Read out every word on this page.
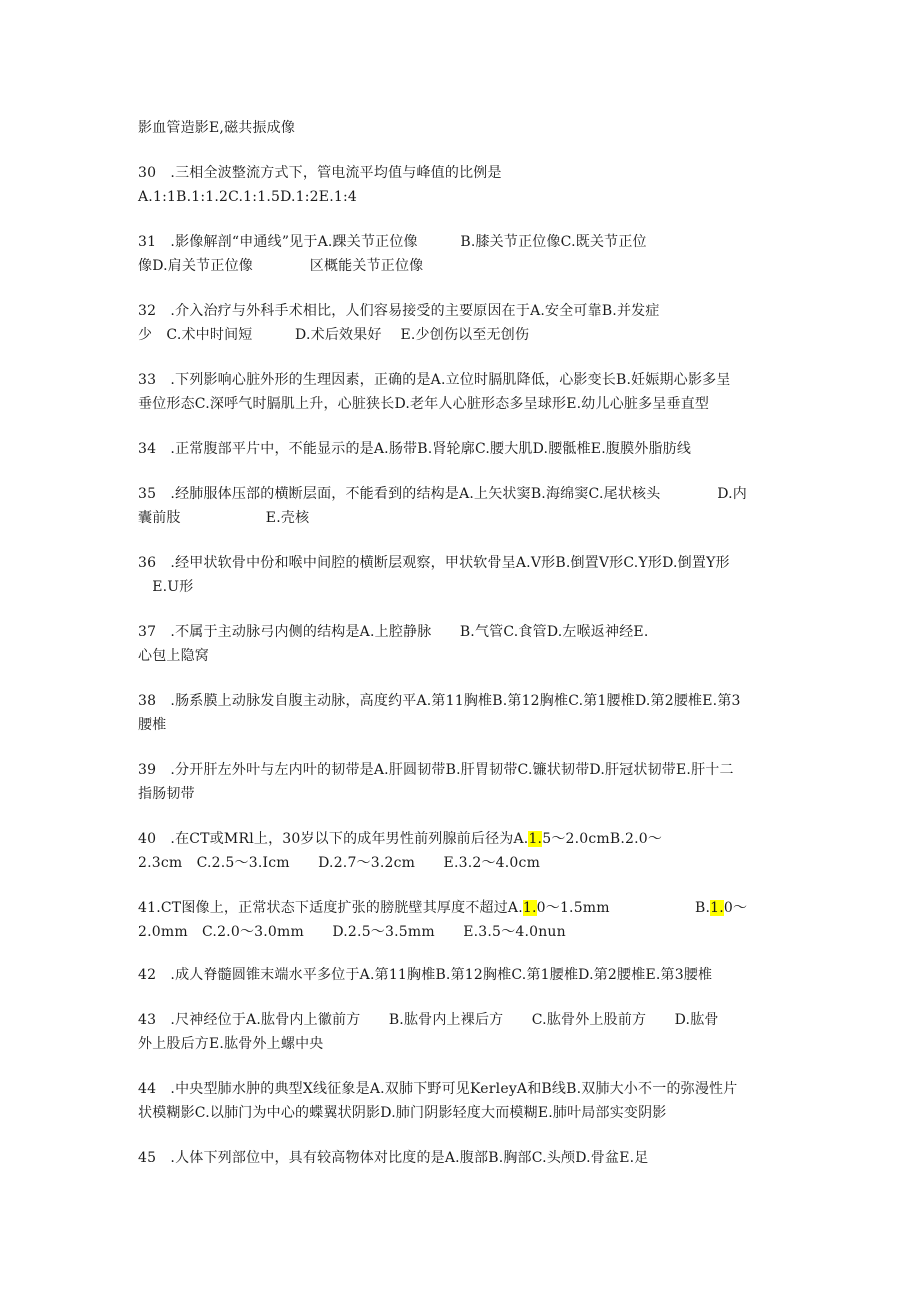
影血管造影E,磁共振成像
30　.三相全波整流方式下，管电流平均值与峰值的比例是
A.1:1B.1:1.2C.1:1.5D.1:2E.1:4
31　.影像解剖“申通线”见于A.踝关节正位像　　　B.膝关节正位像C.既关节正位
像D.肩关节正位像　　　　区概能关节正位像
32　.介入治疗与外科手术相比，人们容易接受的主要原因在于A.安全可靠B.并发症
少　C.术中时间短　　　D.术后效果好　 E.少创伤以至无创伤
33　.下列影响心脏外形的生理因素，正确的是A.立位时膈肌降低，心影变长B.妊娠期心影多呈
垂位形态C.深呼气时膈肌上升，心脏狭长D.老年人心脏形态多呈球形E.幼儿心脏多呈垂直型
34　.正常腹部平片中，不能显示的是A.肠带B.肾轮廓C.腰大肌D.腰骶椎E.腹膜外脂肪线
35　.经肺服体压部的横断层面，不能看到的结构是A.上矢状窦B.海绵窦C.尾状核头　　　　D.内
囊前肢　　　　　　E.壳核
36　.经甲状软骨中份和喉中间腔的横断层观察，甲状软骨呈A.V形B.倒置V形C.Y形D.倒置Y形
　E.U形
37　.不属于主动脉弓内侧的结构是A.上腔静脉　　B.气管C.食管D.左喉返神经E.
心包上隐窝
38　.肠系膜上动脉发自腹主动脉，高度约平A.第11胸椎B.第12胸椎C.第1腰椎D.第2腰椎E.第3
腰椎
39　.分开肝左外叶与左内叶的韧带是A.肝圆韧带B.肝胃韧带C.镰状韧带D.肝冠状韧带E.肝十二
指肠韧带
40　.在CT或MRl上，30岁以下的成年男性前列腺前后径为A.1.5～2.0cmB.2.0～
2.3cm　C.2.5～3.Icm　　D.2.7～3.2cm　　E.3.2～4.0cm
41.CT图像上，正常状态下适度扩张的膀胱壁其厚度不超过A.1.0～1.5mm　　　　　　B.1.0～
2.0mm　C.2.0～3.0mm　　D.2.5～3.5mm　　E.3.5～4.0nun
42　.成人脊髓圆锥末端水平多位于A.第11胸椎B.第12胸椎C.第1腰椎D.第2腰椎E.第3腰椎
43　.尺神经位于A.肱骨内上徽前方　　B.肱骨内上裸后方　　C.肱骨外上股前方　　D.肱骨
外上股后方E.肱骨外上螺中央
44　.中央型肺水肿的典型X线征象是A.双肺下野可见KerleyA和B线B.双肺大小不一的弥漫性片
状模糊影C.以肺门为中心的蝶翼状阴影D.肺门阴影轻度大而模糊E.肺叶局部实变阴影
45　.人体下列部位中，具有较高物体对比度的是A.腹部B.胸部C.头颅D.骨盆E.足
